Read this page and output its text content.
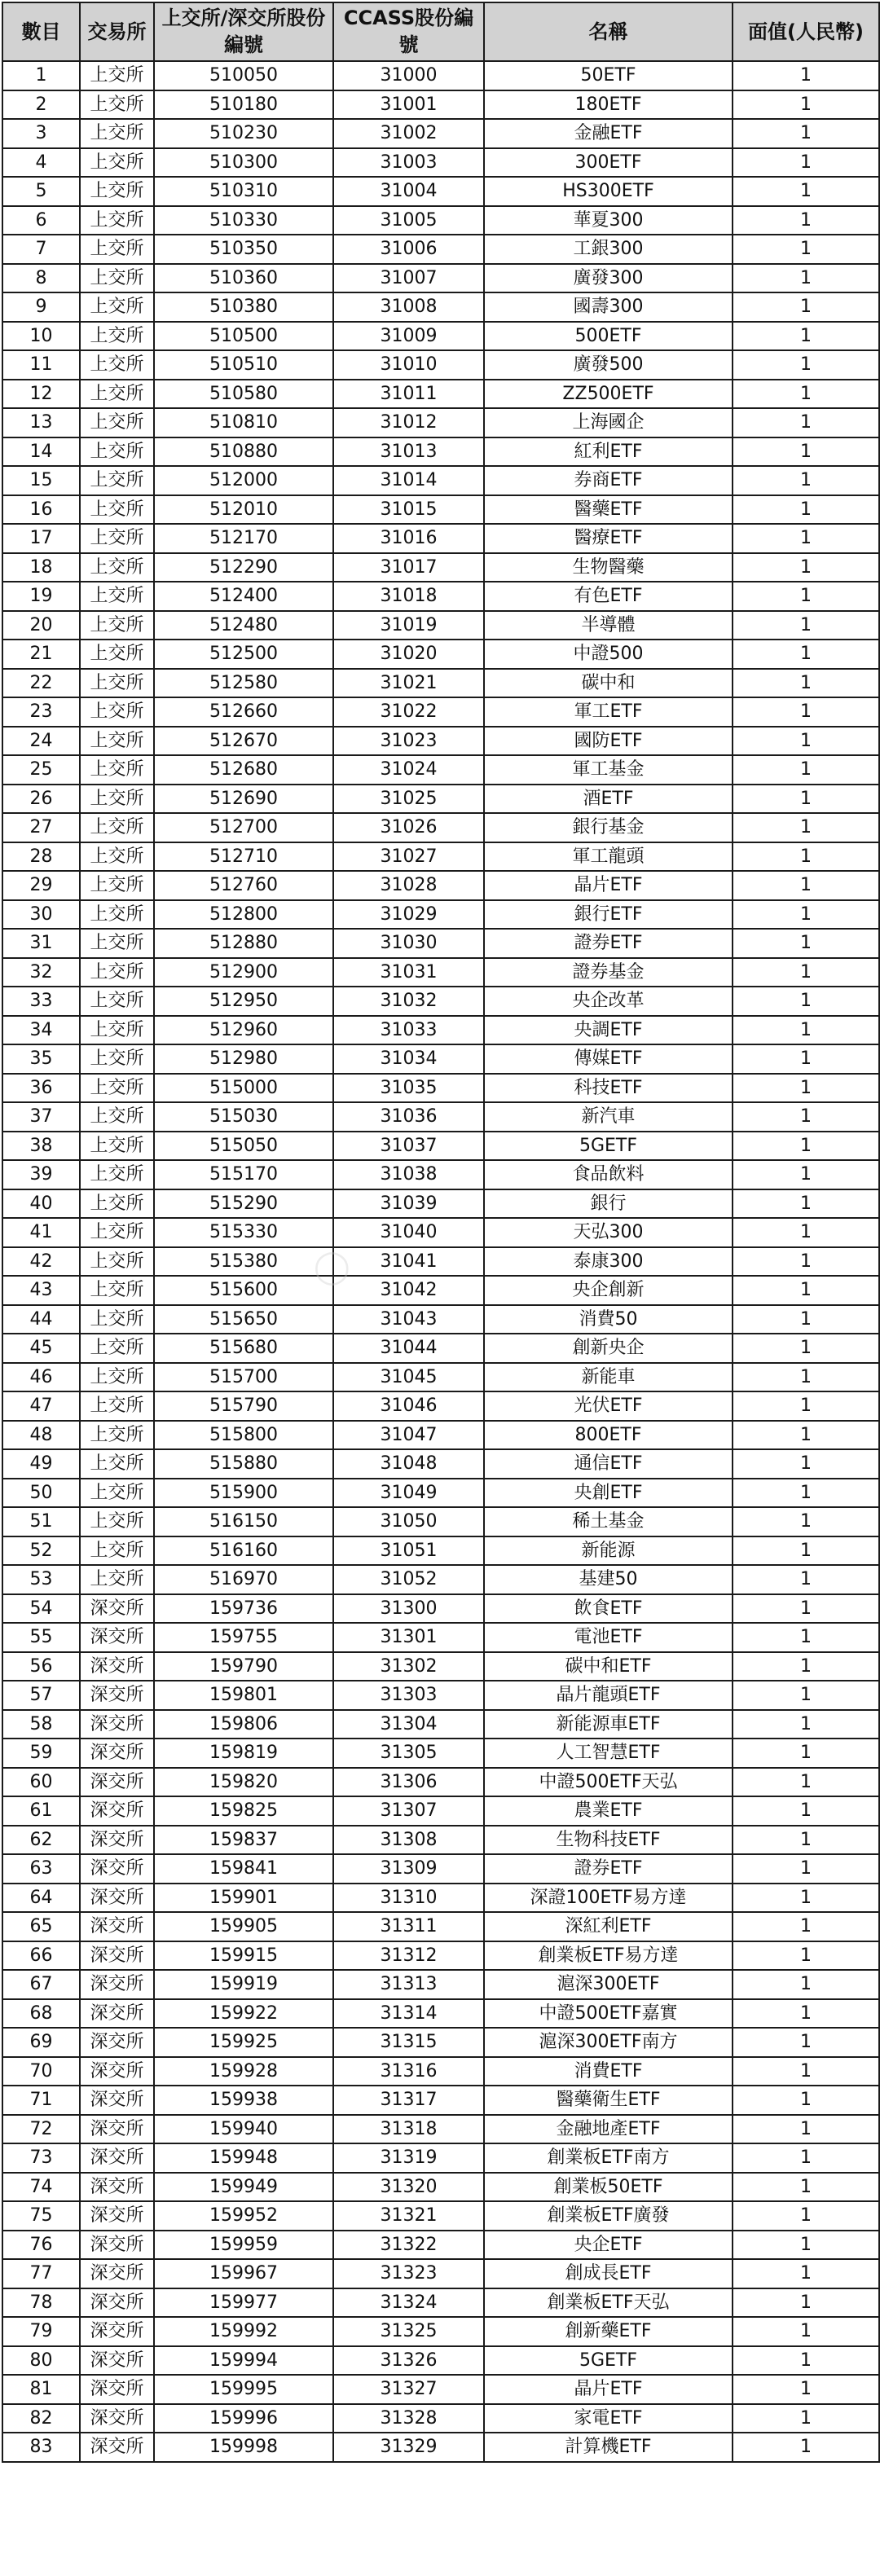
數目	交易所	上交所/深交所股份編號	CCASS股份編號	名稱	面值(人民幣)
1	上交所	510050	31000	50ETF	1
2	上交所	510180	31001	180ETF	1
3	上交所	510230	31002	金融ETF	1
4	上交所	510300	31003	300ETF	1
5	上交所	510310	31004	HS300ETF	1
6	上交所	510330	31005	華夏300	1
7	上交所	510350	31006	工銀300	1
8	上交所	510360	31007	廣發300	1
9	上交所	510380	31008	國壽300	1
10	上交所	510500	31009	500ETF	1
11	上交所	510510	31010	廣發500	1
12	上交所	510580	31011	ZZ500ETF	1
13	上交所	510810	31012	上海國企	1
14	上交所	510880	31013	紅利ETF	1
15	上交所	512000	31014	券商ETF	1
16	上交所	512010	31015	醫藥ETF	1
17	上交所	512170	31016	醫療ETF	1
18	上交所	512290	31017	生物醫藥	1
19	上交所	512400	31018	有色ETF	1
20	上交所	512480	31019	半導體	1
21	上交所	512500	31020	中證500	1
22	上交所	512580	31021	碳中和	1
23	上交所	512660	31022	軍工ETF	1
24	上交所	512670	31023	國防ETF	1
25	上交所	512680	31024	軍工基金	1
26	上交所	512690	31025	酒ETF	1
27	上交所	512700	31026	銀行基金	1
28	上交所	512710	31027	軍工龍頭	1
29	上交所	512760	31028	晶片ETF	1
30	上交所	512800	31029	銀行ETF	1
31	上交所	512880	31030	證券ETF	1
32	上交所	512900	31031	證券基金	1
33	上交所	512950	31032	央企改革	1
34	上交所	512960	31033	央調ETF	1
35	上交所	512980	31034	傳媒ETF	1
36	上交所	515000	31035	科技ETF	1
37	上交所	515030	31036	新汽車	1
38	上交所	515050	31037	5GETF	1
39	上交所	515170	31038	食品飲料	1
40	上交所	515290	31039	銀行	1
41	上交所	515330	31040	天弘300	1
42	上交所	515380	31041	泰康300	1
43	上交所	515600	31042	央企創新	1
44	上交所	515650	31043	消費50	1
45	上交所	515680	31044	創新央企	1
46	上交所	515700	31045	新能車	1
47	上交所	515790	31046	光伏ETF	1
48	上交所	515800	31047	800ETF	1
49	上交所	515880	31048	通信ETF	1
50	上交所	515900	31049	央創ETF	1
51	上交所	516150	31050	稀土基金	1
52	上交所	516160	31051	新能源	1
53	上交所	516970	31052	基建50	1
54	深交所	159736	31300	飲食ETF	1
55	深交所	159755	31301	電池ETF	1
56	深交所	159790	31302	碳中和ETF	1
57	深交所	159801	31303	晶片龍頭ETF	1
58	深交所	159806	31304	新能源車ETF	1
59	深交所	159819	31305	人工智慧ETF	1
60	深交所	159820	31306	中證500ETF天弘	1
61	深交所	159825	31307	農業ETF	1
62	深交所	159837	31308	生物科技ETF	1
63	深交所	159841	31309	證券ETF	1
64	深交所	159901	31310	深證100ETF易方達	1
65	深交所	159905	31311	深紅利ETF	1
66	深交所	159915	31312	創業板ETF易方達	1
67	深交所	159919	31313	滬深300ETF	1
68	深交所	159922	31314	中證500ETF嘉實	1
69	深交所	159925	31315	滬深300ETF南方	1
70	深交所	159928	31316	消費ETF	1
71	深交所	159938	31317	醫藥衛生ETF	1
72	深交所	159940	31318	金融地產ETF	1
73	深交所	159948	31319	創業板ETF南方	1
74	深交所	159949	31320	創業板50ETF	1
75	深交所	159952	31321	創業板ETF廣發	1
76	深交所	159959	31322	央企ETF	1
77	深交所	159967	31323	創成長ETF	1
78	深交所	159977	31324	創業板ETF天弘	1
79	深交所	159992	31325	創新藥ETF	1
80	深交所	159994	31326	5GETF	1
81	深交所	159995	31327	晶片ETF	1
82	深交所	159996	31328	家電ETF	1
83	深交所	159998	31329	計算機ETF	1
◯
